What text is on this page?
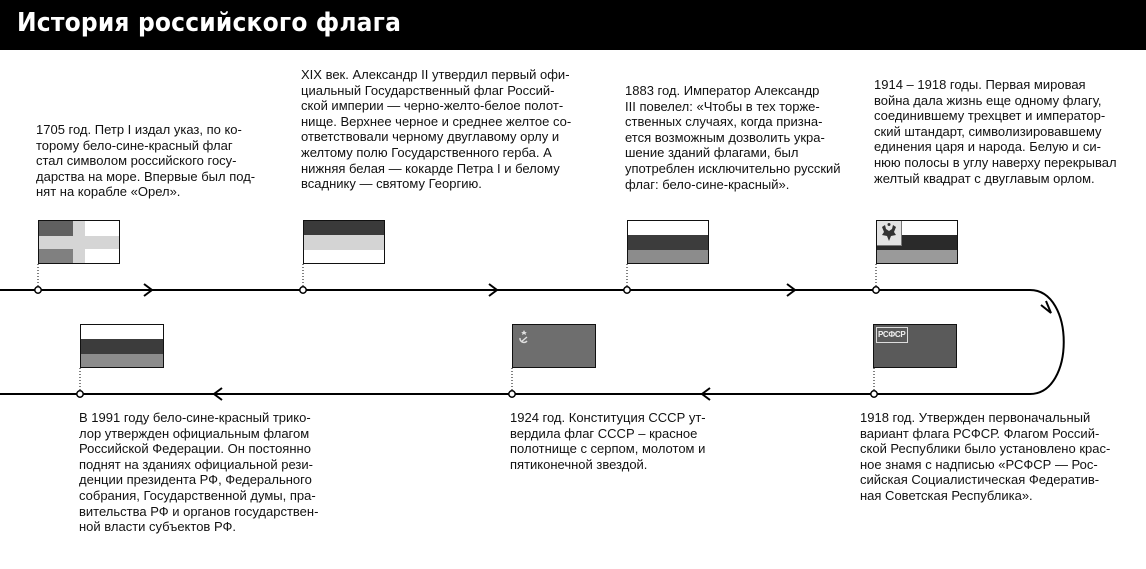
История российского флага
1705 год. Петр I издал указ, по ко-
торому бело-сине-красный флаг
стал символом российского госу-
дарства на море. Впервые был под-
нят на корабле «Орел».
XIX век. Александр II утвердил первый офи-
циальный Государственный флаг Россий-
ской империи — черно-желто-белое полот-
нище. Верхнее черное и среднее желтое со-
ответствовали черному двуглавому орлу и
желтому полю Государственного герба. А
нижняя белая — кокарде Петра I и белому
всаднику — святому Георгию.
1883 год. Император Александр
III повелел: «Чтобы в тех торже-
ственных случаях, когда призна-
ется возможным дозволить укра-
шение зданий флагами, был
употреблен исключительно русский
флаг: бело-сине-красный».
1914 – 1918 годы. Первая мировая
война дала жизнь еще одному флагу,
соединившему трехцвет и император-
ский штандарт, символизировавшему
единения царя и народа. Белую и си-
нюю полосы в углу наверху перекрывал
желтый квадрат с двуглавым орлом.
1918 год. Утвержден первоначальный
вариант флага РСФСР. Флагом Россий-
ской Республики было установлено крас-
ное знамя с надписью «РСФСР — Рос-
сийская Социалистическая Федератив-
ная Советская Республика».
1924 год. Конституция СССР ут-
вердила флаг СССР – красное
полотнище с серпом, молотом и
пятиконечной звездой.
В 1991 году бело-сине-красный трико-
лор утвержден официальным флагом
Российской Федерации. Он постоянно
поднят на зданиях официальной рези-
денции президента РФ, Федерального
собрания, Государственной думы, пра-
вительства РФ и органов государствен-
ной власти субъектов РФ.
РСФСР
